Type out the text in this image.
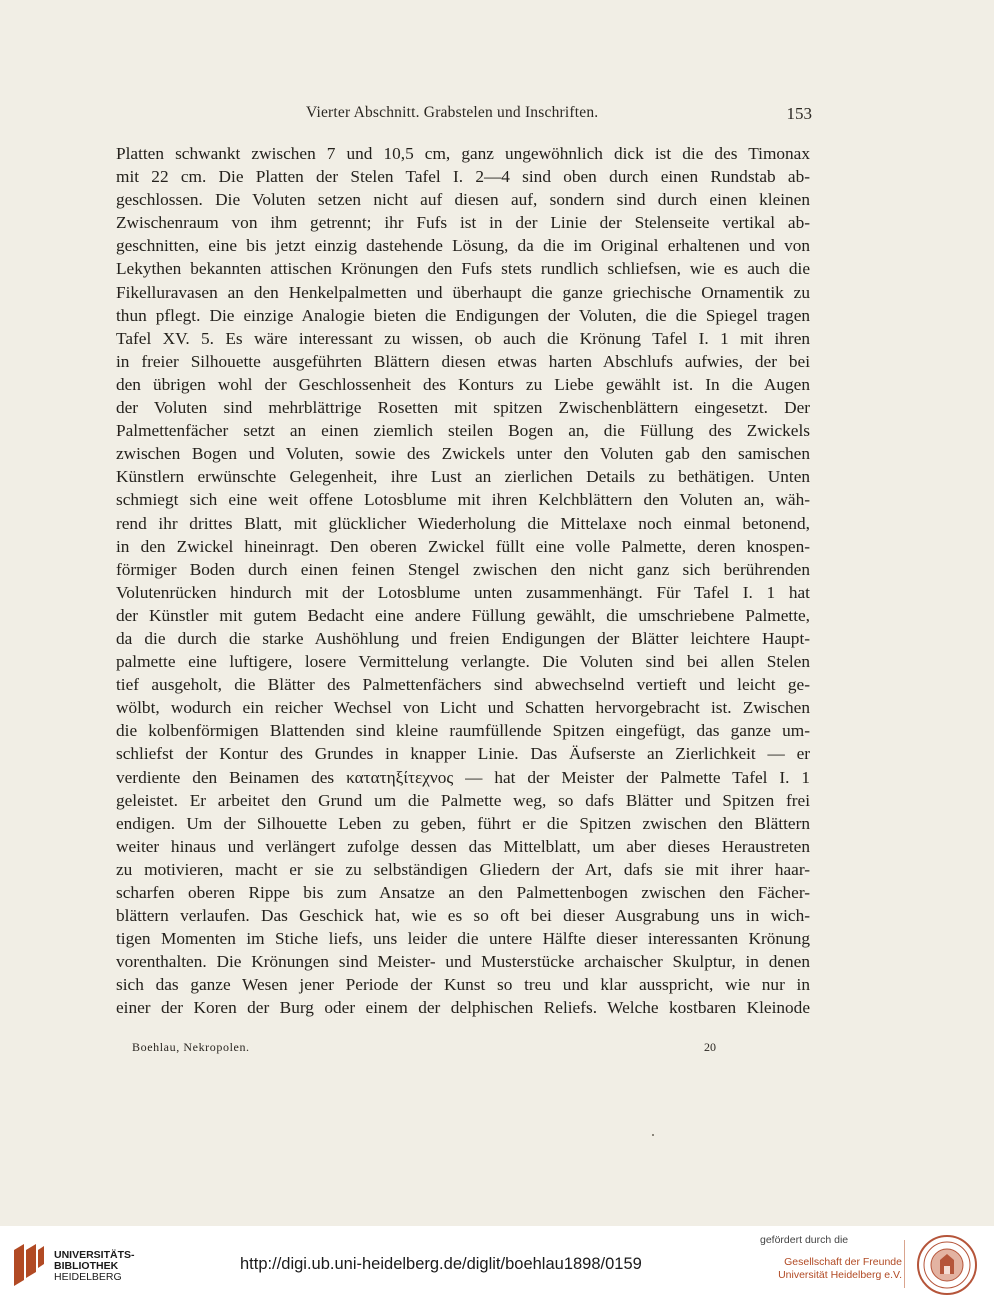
Vierter Abschnitt. Grabstelen und Inschriften.	153
Platten schwankt zwischen 7 und 10,5 cm, ganz ungewöhnlich dick ist die des Timonax
mit 22 cm. Die Platten der Stelen Tafel I. 2—4 sind oben durch einen Rundstab ab-
geschlossen. Die Voluten setzen nicht auf diesen auf, sondern sind durch einen kleinen
Zwischenraum von ihm getrennt; ihr Fufs ist in der Linie der Stelenseite vertikal ab-
geschnitten, eine bis jetzt einzig dastehende Lösung, da die im Original erhaltenen und von
Lekythen bekannten attischen Krönungen den Fufs stets rundlich schliefsen, wie es auch die
Fikelluravasen an den Henkelpalmetten und überhaupt die ganze griechische Ornamentik zu
thun pflegt. Die einzige Analogie bieten die Endigungen der Voluten, die die Spiegel tragen
Tafel XV. 5. Es wäre interessant zu wissen, ob auch die Krönung Tafel I. 1 mit ihren
in freier Silhouette ausgeführten Blättern diesen etwas harten Abschlufs aufwies, der bei
den übrigen wohl der Geschlossenheit des Konturs zu Liebe gewählt ist. In die Augen
der Voluten sind mehrblättrige Rosetten mit spitzen Zwischenblättern eingesetzt. Der
Palmettenfächer setzt an einen ziemlich steilen Bogen an, die Füllung des Zwickels
zwischen Bogen und Voluten, sowie des Zwickels unter den Voluten gab den samischen
Künstlern erwünschte Gelegenheit, ihre Lust an zierlichen Details zu bethätigen. Unten
schmiegt sich eine weit offene Lotosblume mit ihren Kelchblättern den Voluten an, wäh-
rend ihr drittes Blatt, mit glücklicher Wiederholung die Mittelaxe noch einmal betonend,
in den Zwickel hineinragt. Den oberen Zwickel füllt eine volle Palmette, deren knospen-
förmiger Boden durch einen feinen Stengel zwischen den nicht ganz sich berührenden
Volutenrücken hindurch mit der Lotosblume unten zusammenhängt. Für Tafel I. 1 hat
der Künstler mit gutem Bedacht eine andere Füllung gewählt, die umschriebene Palmette,
da die durch die starke Aushöhlung und freien Endigungen der Blätter leichtere Haupt-
palmette eine luftigere, losere Vermittelung verlangte. Die Voluten sind bei allen Stelen
tief ausgeholt, die Blätter des Palmettenfächers sind abwechselnd vertieft und leicht ge-
wölbt, wodurch ein reicher Wechsel von Licht und Schatten hervorgebracht ist. Zwischen
die kolbenförmigen Blattenden sind kleine raumfüllende Spitzen eingefügt, das ganze um-
schliefst der Kontur des Grundes in knapper Linie. Das Äufserste an Zierlichkeit — er
verdiente den Beinamen des κατατηξίτεχνος — hat der Meister der Palmette Tafel I. 1
geleistet. Er arbeitet den Grund um die Palmette weg, so dafs Blätter und Spitzen frei
endigen. Um der Silhouette Leben zu geben, führt er die Spitzen zwischen den Blättern
weiter hinaus und verlängert zufolge dessen das Mittelblatt, um aber dieses Heraustreten
zu motivieren, macht er sie zu selbständigen Gliedern der Art, dafs sie mit ihrer haar-
scharfen oberen Rippe bis zum Ansatze an den Palmettenbogen zwischen den Fächer-
blättern verlaufen. Das Geschick hat, wie es so oft bei dieser Ausgrabung uns in wich-
tigen Momenten im Stiche liefs, uns leider die untere Hälfte dieser interessanten Krönung
vorenthalten. Die Krönungen sind Meister- und Musterstücke archaischer Skulptur, in denen
sich das ganze Wesen jener Periode der Kunst so treu und klar ausspricht, wie nur in
einer der Koren der Burg oder einem der delphischen Reliefs. Welche kostbaren Kleinode
Boehlau, Nekropolen.	20
UNIVERSITÄTS-
BIBLIOTHEK
HEIDELBERG
http://digi.ub.uni-heidelberg.de/diglit/boehlau1898/0159
gefördert durch die
Gesellschaft der Freunde
Universität Heidelberg e.V.
